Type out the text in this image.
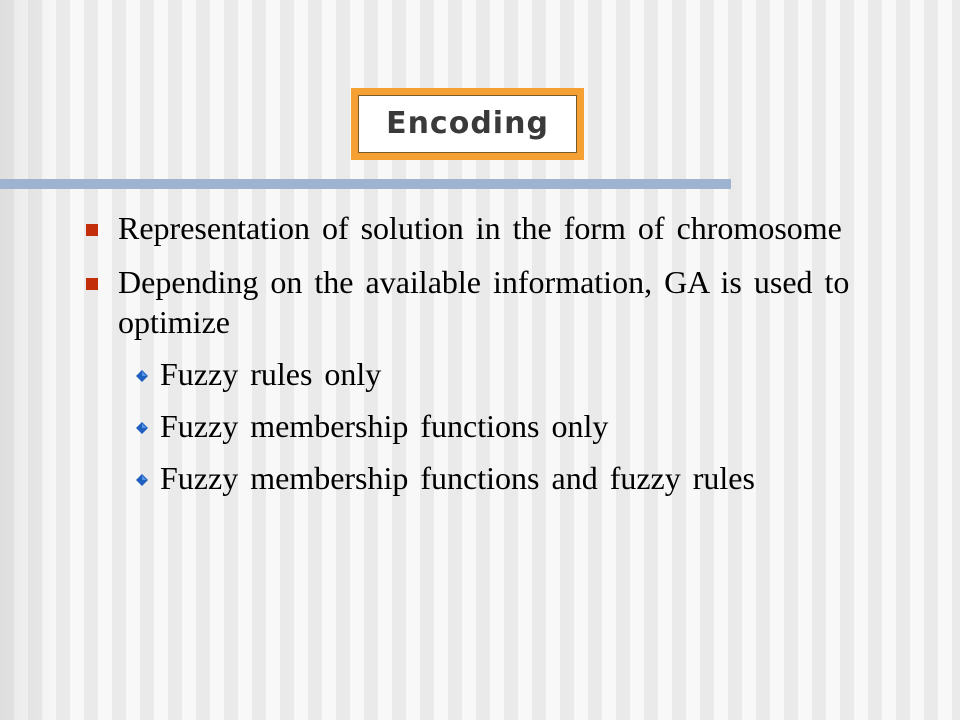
Encoding
Representation of solution in the form of chromosome
Depending on the available information, GA is used to optimize
Fuzzy rules only
Fuzzy membership functions only
Fuzzy membership functions and fuzzy rules
